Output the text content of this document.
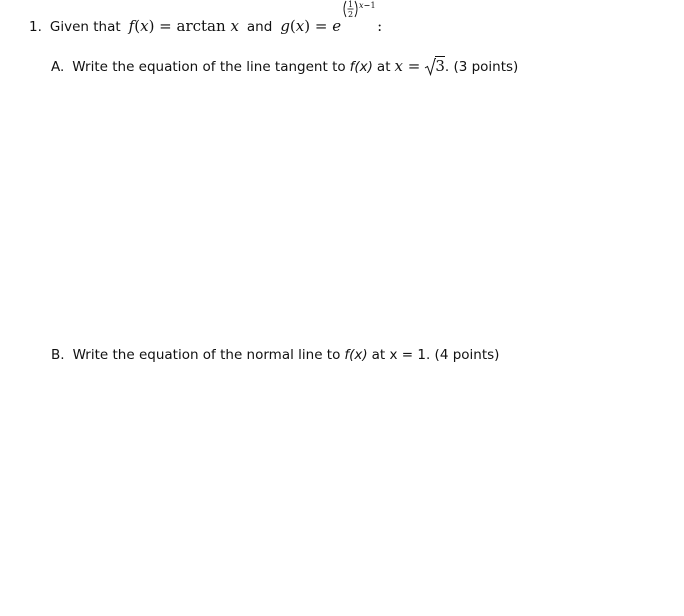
1. Given that f(x) = arctan x and g(x) = e
1
2
x 1
:
A. Write the equation of the line tangent to f(x) at x = 3 . (3 points)
B. Write the equation of the normal line to f(x) at x = 1. (4 points)
